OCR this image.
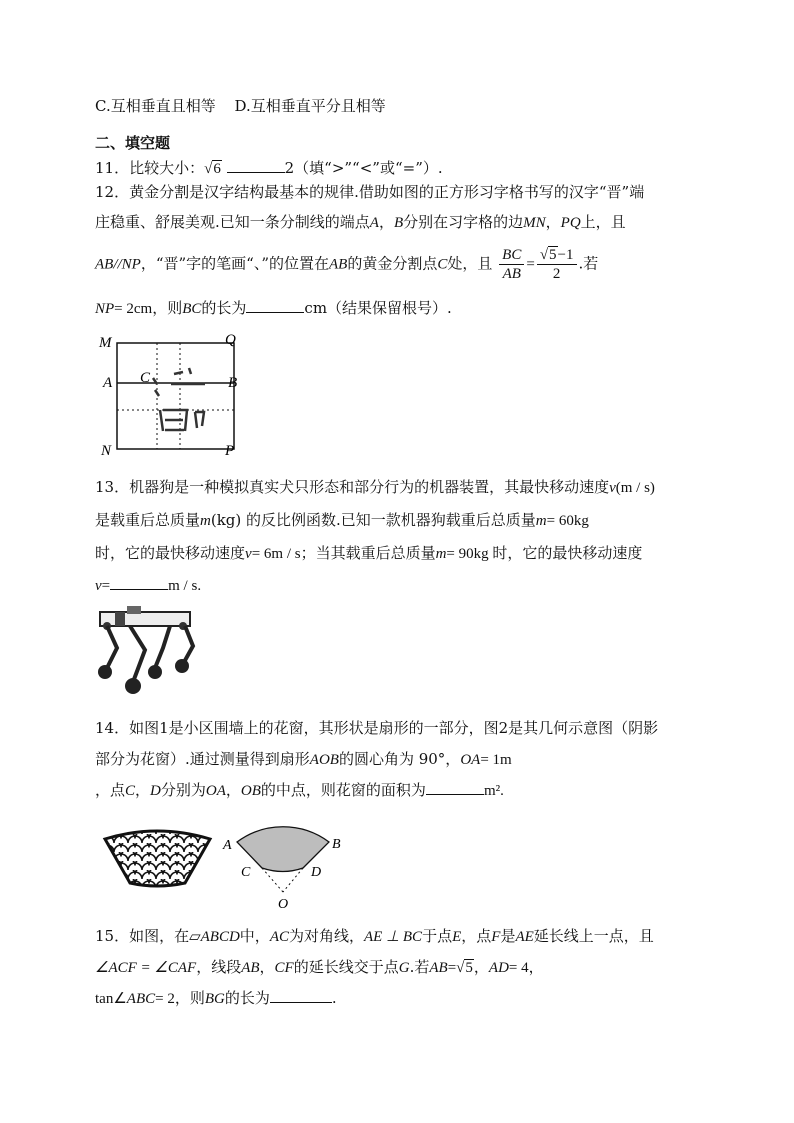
C.互相垂直且相等 D.互相垂直平分且相等
二、填空题
11．比较大小：√6	2（填“>”“<”或“=”）.
12．黄金分割是汉字结构最基本的规律.借助如图的正方形习字格书写的汉字“晋”端
庄稳重、舒展美观.已知一条分制线的端点A，B分别在习字格的边MN，PQ上，且
AB//NP，“晋”字的笔画“、”的位置在AB的黄金分割点C处，且 $\frac{BC}{AB} = \frac{√5-1}{2}$ .若
NP= 2cm，则BC的长为	cm（结果保留根号）.
M	Q
A	B
C
N	P
13．机器狗是一种模拟真实犬只形态和部分行为的机器装置，其最快移动速度v(m / s)
是载重后总质量m(kg) 的反比例函数.已知一款机器狗载重后总质量m= 60kg
时，它的最快移动速度v= 6m / s；当其载重后总质量m= 90kg 时，它的最快移动速度
v=	m / s.
14．如图1是小区围墙上的花窗，其形状是扇形的一部分，图2是其几何示意图（阴影
部分为花窗）.通过测量得到扇形AOB的圆心角为 90°，OA= 1m
，点C，D分别为OA，OB的中点，则花窗的面积为	m².
A	B
C	D
O
15．如图，在▱ABCD中，AC为对角线，AE ⊥ BC于点E，点F是AE延长线上一点，且
∠ACF = ∠CAF，线段AB，CF的延长线交于点G.若AB=√5，AD= 4，
tan∠ABC= 2，则BG的长为	.
